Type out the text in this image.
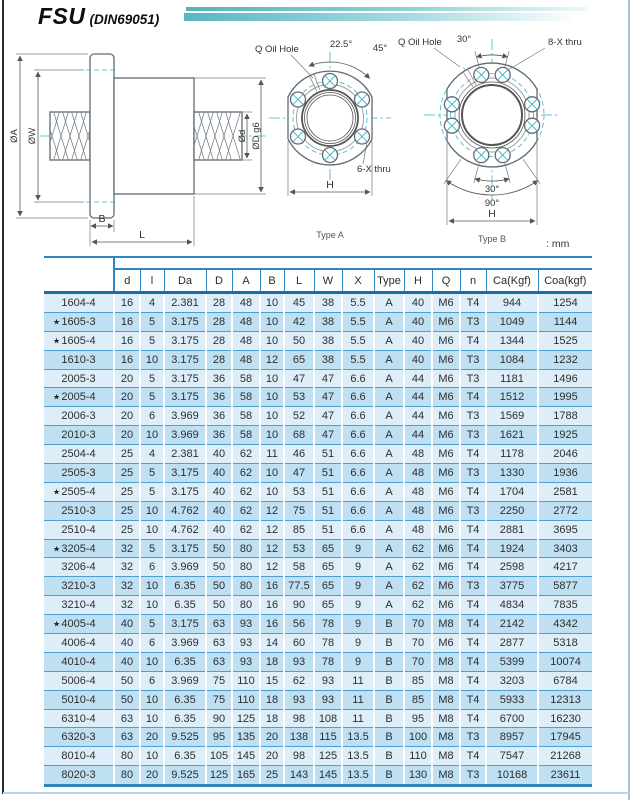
FSU (DIN69051)
ØA ØW	Ød ØD g6
B
L
Q Oil Hole	22.5° 45°
6-X thru
H
Type A
Q Oil Hole 30°	8-X thru
30°
90°
H
Type B	: mm

	d	l	Da	D	A	B	L	W	X	Type	H	Q	n	Ca(Kgf)	Coa(kgf)
1604-4	16	4	2.381	28	48	10	45	38	5.5	A	40	M6	T4	944	1254

★ 1605-3	16	5	3.175	28	48	10	42	38	5.5	A	40	M6	T3	1049	1144

★ 1605-4	16	5	3.175	28	48	10	50	38	5.5	A	40	M6	T4	1344	1525
1610-3	16	10	3.175	28	48	12	65	38	5.5	A	40	M6	T3	1084	1232
2005-3	20	5	3.175	36	58	10	47	47	6.6	A	44	M6	T3	1181	1496

★ 2005-4	20	5	3.175	36	58	10	53	47	6.6	A	44	M6	T4	1512	1995
2006-3	20	6	3.969	36	58	10	52	47	6.6	A	44	M6	T3	1569	1788
2010-3	20	10	3.969	36	58	10	68	47	6.6	A	44	M6	T3	1621	1925
2504-4	25	4	2.381	40	62	11	46	51	6.6	A	48	M6	T4	1178	2046
2505-3	25	5	3.175	40	62	10	47	51	6.6	A	48	M6	T3	1330	1936

★ 2505-4	25	5	3.175	40	62	10	53	51	6.6	A	48	M6	T4	1704	2581
2510-3	25	10	4.762	40	62	12	75	51	6.6	A	48	M6	T3	2250	2772
2510-4	25	10	4.762	40	62	12	85	51	6.6	A	48	M6	T4	2881	3695

★ 3205-4	32	5	3.175	50	80	12	53	65	9	A	62	M6	T4	1924	3403
3206-4	32	6	3.969	50	80	12	58	65	9	A	62	M6	T4	2598	4217
3210-3	32	10	6.35	50	80	16	77.5	65	9	A	62	M6	T3	3775	5877
3210-4	32	10	6.35	50	80	16	90	65	9	A	62	M6	T4	4834	7835

★ 4005-4	40	5	3.175	63	93	16	56	78	9	B	70	M8	T4	2142	4342
4006-4	40	6	3.969	63	93	14	60	78	9	B	70	M6	T4	2877	5318
4010-4	40	10	6.35	63	93	18	93	78	9	B	70	M8	T4	5399	10074
5006-4	50	6	3.969	75	110	15	62	93	11	B	85	M8	T4	3203	6784
5010-4	50	10	6.35	75	110	18	93	93	11	B	85	M8	T4	5933	12313
6310-4	63	10	6.35	90	125	18	98	108	11	B	95	M8	T4	6700	16230
6320-3	63	20	9.525	95	135	20	138	115	13.5	B	100	M8	T3	8957	17945
8010-4	80	10	6.35	105	145	20	98	125	13.5	B	110	M8	T4	7547	21268
8020-3	80	20	9.525	125	165	25	143	145	13.5	B	130	M8	T3	10168	23611
